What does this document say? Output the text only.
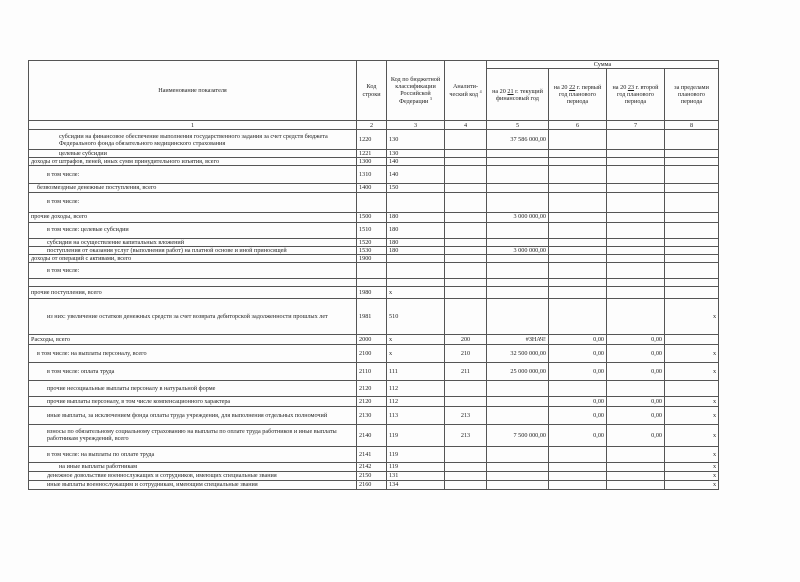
Наименование показателя	Код строки	Код по бюджетной классификации Российской Федерации $^3$	Аналити- ческий код $^4$	Сумма			
				на 20 21 г. текущий финансовый год	на 20 22 г. первый год планового периода	на 20 23 г. второй год планового периода	за пределами планового периода
1	2	3	4	5	6	7	8
субсидии на финансовое обеспечение выполнения государственного задания за счет средств бюджета Федерального фонда обязательного медицинского страхования	1220	130		37 586 000,00			
целевые субсидии	1221	130					
доходы от штрафов, пеней, иных сумм принудительного изъятия, всего	1300	140					
в том числе:	1310	140					
безвозмездные денежные поступления, всего	1400	150					
в том числе:							
прочие доходы, всего	1500	180		3 000 000,00			
в том числе: целевые субсидии	1510	180					
субсидии на осуществление капитальных вложений	1520	180					
поступления от оказания услуг (выполнения работ) на платной основе и иной приносящей	1530	180		3 000 000,00			
доходы от операций с активами, всего	1900						
в том числе:							

прочие поступления, всего	1980	х					
из них: увеличение остатков денежных средств за счет возврата дебиторской задолженности прошлых лет	1981	510					х
Расходы, всего	2000	х	200	#ЗНАЧ!	0,00	0,00	
в том числе: на выплаты персоналу, всего	2100	х	210	32 500 000,00	0,00	0,00	х
в том числе: оплата труда	2110	111	211	25 000 000,00	0,00	0,00	х
прочие несоциальные выплаты персоналу в натуральной форме	2120	112					
прочие выплаты персоналу, в том числе компенсационного характера	2120	112			0,00	0,00	х
иные выплаты, за исключением фонда оплаты труда учреждения, для выполнения отдельных полномочий	2130	113	213		0,00	0,00	х
взносы по обязательному социальному страхованию на выплаты по оплате труда работников и иные выплаты работникам учреждений, всего	2140	119	213	7 500 000,00	0,00	0,00	х
в том числе: на выплаты по оплате труда	2141	119					х
на иные выплаты работникам	2142	119					х
денежное довольствие военнослужащих и сотрудников, имеющих специальные звания	2150	131					х
иные выплаты военнослужащим и сотрудникам, имеющим специальные звания	2160	134					х
